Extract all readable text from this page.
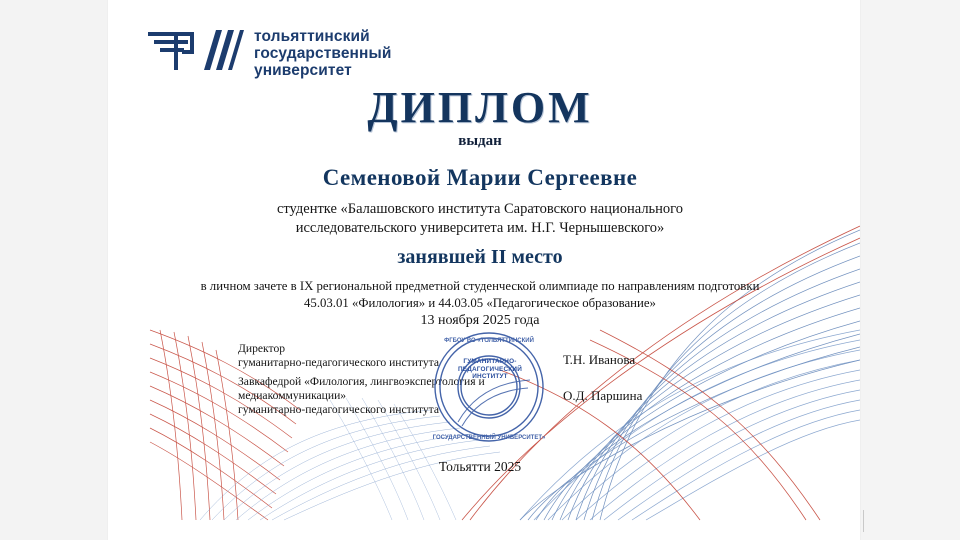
тольяттинский
государственный
университет
ДИПЛОМ
выдан
Семеновой Марии Сергеевне
студентке «Балашовского института Саратовского национального
исследовательского университета им. Н.Г. Чернышевского»
занявшей II место
в личном зачете в IX региональной предметной студенческой олимпиаде по направлениям подготовки
45.03.01 «Филология» и 44.03.05 «Педагогическое образование»
13 ноября 2025 года
Директор
гуманитарно-педагогического института	Т.Н. Иванова
Завкафедрой «Филология, лингвоэкспертология и
медиакоммуникации»
гуманитарно-педагогического института
О.Д. Паршина
ФГБОУ ВО «ТОЛЬЯТТИНСКИЙ
ГОСУДАРСТВЕННЫЙ УНИВЕРСИТЕТ»
ГУМАНИТАРНО-
ПЕДАГОГИЧЕСКИЙ
ИНСТИТУТ
Тольятти 2025
